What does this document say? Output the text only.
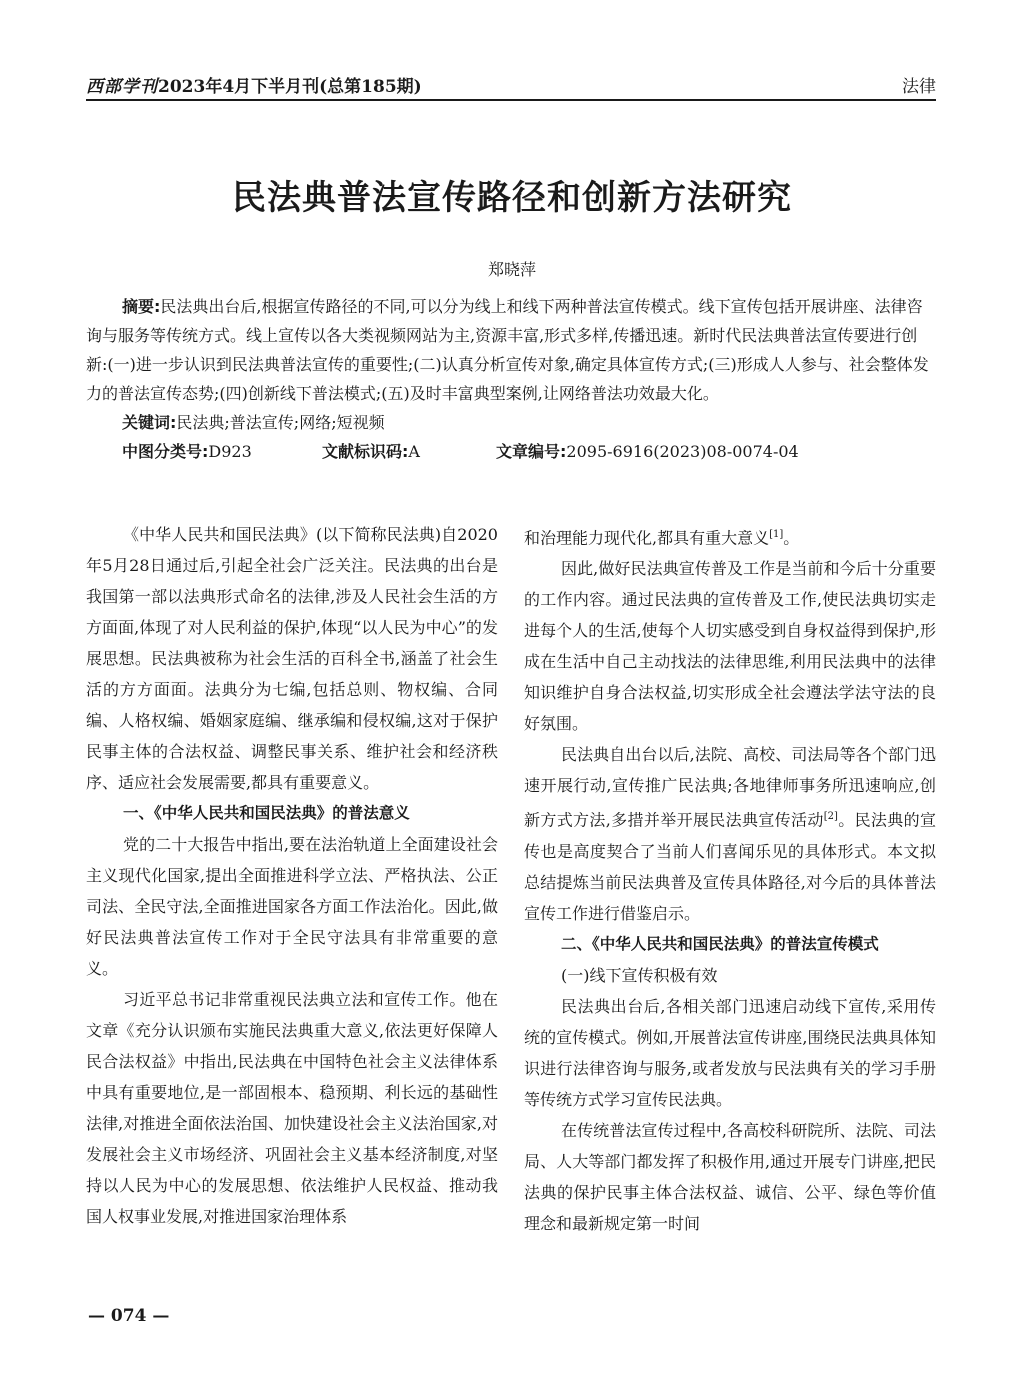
西部学刊2023年4月下半月刊(总第185期)	法律
民法典普法宣传路径和创新方法研究
郑晓萍

摘要:民法典出台后,根据宣传路径的不同,可以分为线上和线下两种普法宣传模式。线下宣传包括开展讲座、法律咨询与服务等传统方式。线上宣传以各大类视频网站为主,资源丰富,形式多样,传播迅速。新时代民法典普法宣传要进行创新:(一)进一步认识到民法典普法宣传的重要性;(二)认真分析宣传对象,确定具体宣传方式;(三)形成人人参与、社会整体发力的普法宣传态势;(四)创新线下普法模式;(五)及时丰富典型案例,让网络普法功效最大化。

关键词:民法典;普法宣传;网络;短视频

中图分类号:D923	文献标识码:A	文章编号:2095-6916(2023)08-0074-04

《中华人民共和国民法典》(以下简称民法典)自2020年5月28日通过后,引起全社会广泛关注。民法典的出台是我国第一部以法典形式命名的法律,涉及人民社会生活的方方面面,体现了对人民利益的保护,体现“以人民为中心”的发展思想。民法典被称为社会生活的百科全书,涵盖了社会生活的方方面面。法典分为七编,包括总则、物权编、合同编、人格权编、婚姻家庭编、继承编和侵权编,这对于保护民事主体的合法权益、调整民事关系、维护社会和经济秩序、适应社会发展需要,都具有重要意义。

一、《中华人民共和国民法典》的普法意义

党的二十大报告中指出,要在法治轨道上全面建设社会主义现代化国家,提出全面推进科学立法、严格执法、公正司法、全民守法,全面推进国家各方面工作法治化。因此,做好民法典普法宣传工作对于全民守法具有非常重要的意义。

习近平总书记非常重视民法典立法和宣传工作。他在文章《充分认识颁布实施民法典重大意义,依法更好保障人民合法权益》中指出,民法典在中国特色社会主义法律体系中具有重要地位,是一部固根本、稳预期、利长远的基础性法律,对推进全面依法治国、加快建设社会主义法治国家,对发展社会主义市场经济、巩固社会主义基本经济制度,对坚持以人民为中心的发展思想、依法维护人民权益、推动我国人权事业发展,对推进国家治理体系

和治理能力现代化,都具有重大意义[1]。

因此,做好民法典宣传普及工作是当前和今后十分重要的工作内容。通过民法典的宣传普及工作,使民法典切实走进每个人的生活,使每个人切实感受到自身权益得到保护,形成在生活中自己主动找法的法律思维,利用民法典中的法律知识维护自身合法权益,切实形成全社会遵法学法守法的良好氛围。

民法典自出台以后,法院、高校、司法局等各个部门迅速开展行动,宣传推广民法典;各地律师事务所迅速响应,创新方式方法,多措并举开展民法典宣传活动[2]。民法典的宣传也是高度契合了当前人们喜闻乐见的具体形式。本文拟总结提炼当前民法典普及宣传具体路径,对今后的具体普法宣传工作进行借鉴启示。

二、《中华人民共和国民法典》的普法宣传模式

(一)线下宣传积极有效

民法典出台后,各相关部门迅速启动线下宣传,采用传统的宣传模式。例如,开展普法宣传讲座,围绕民法典具体知识进行法律咨询与服务,或者发放与民法典有关的学习手册等传统方式学习宣传民法典。

在传统普法宣传过程中,各高校科研院所、法院、司法局、人大等部门都发挥了积极作用,通过开展专门讲座,把民法典的保护民事主体合法权益、诚信、公平、绿色等价值理念和最新规定第一时间

— 074 —
